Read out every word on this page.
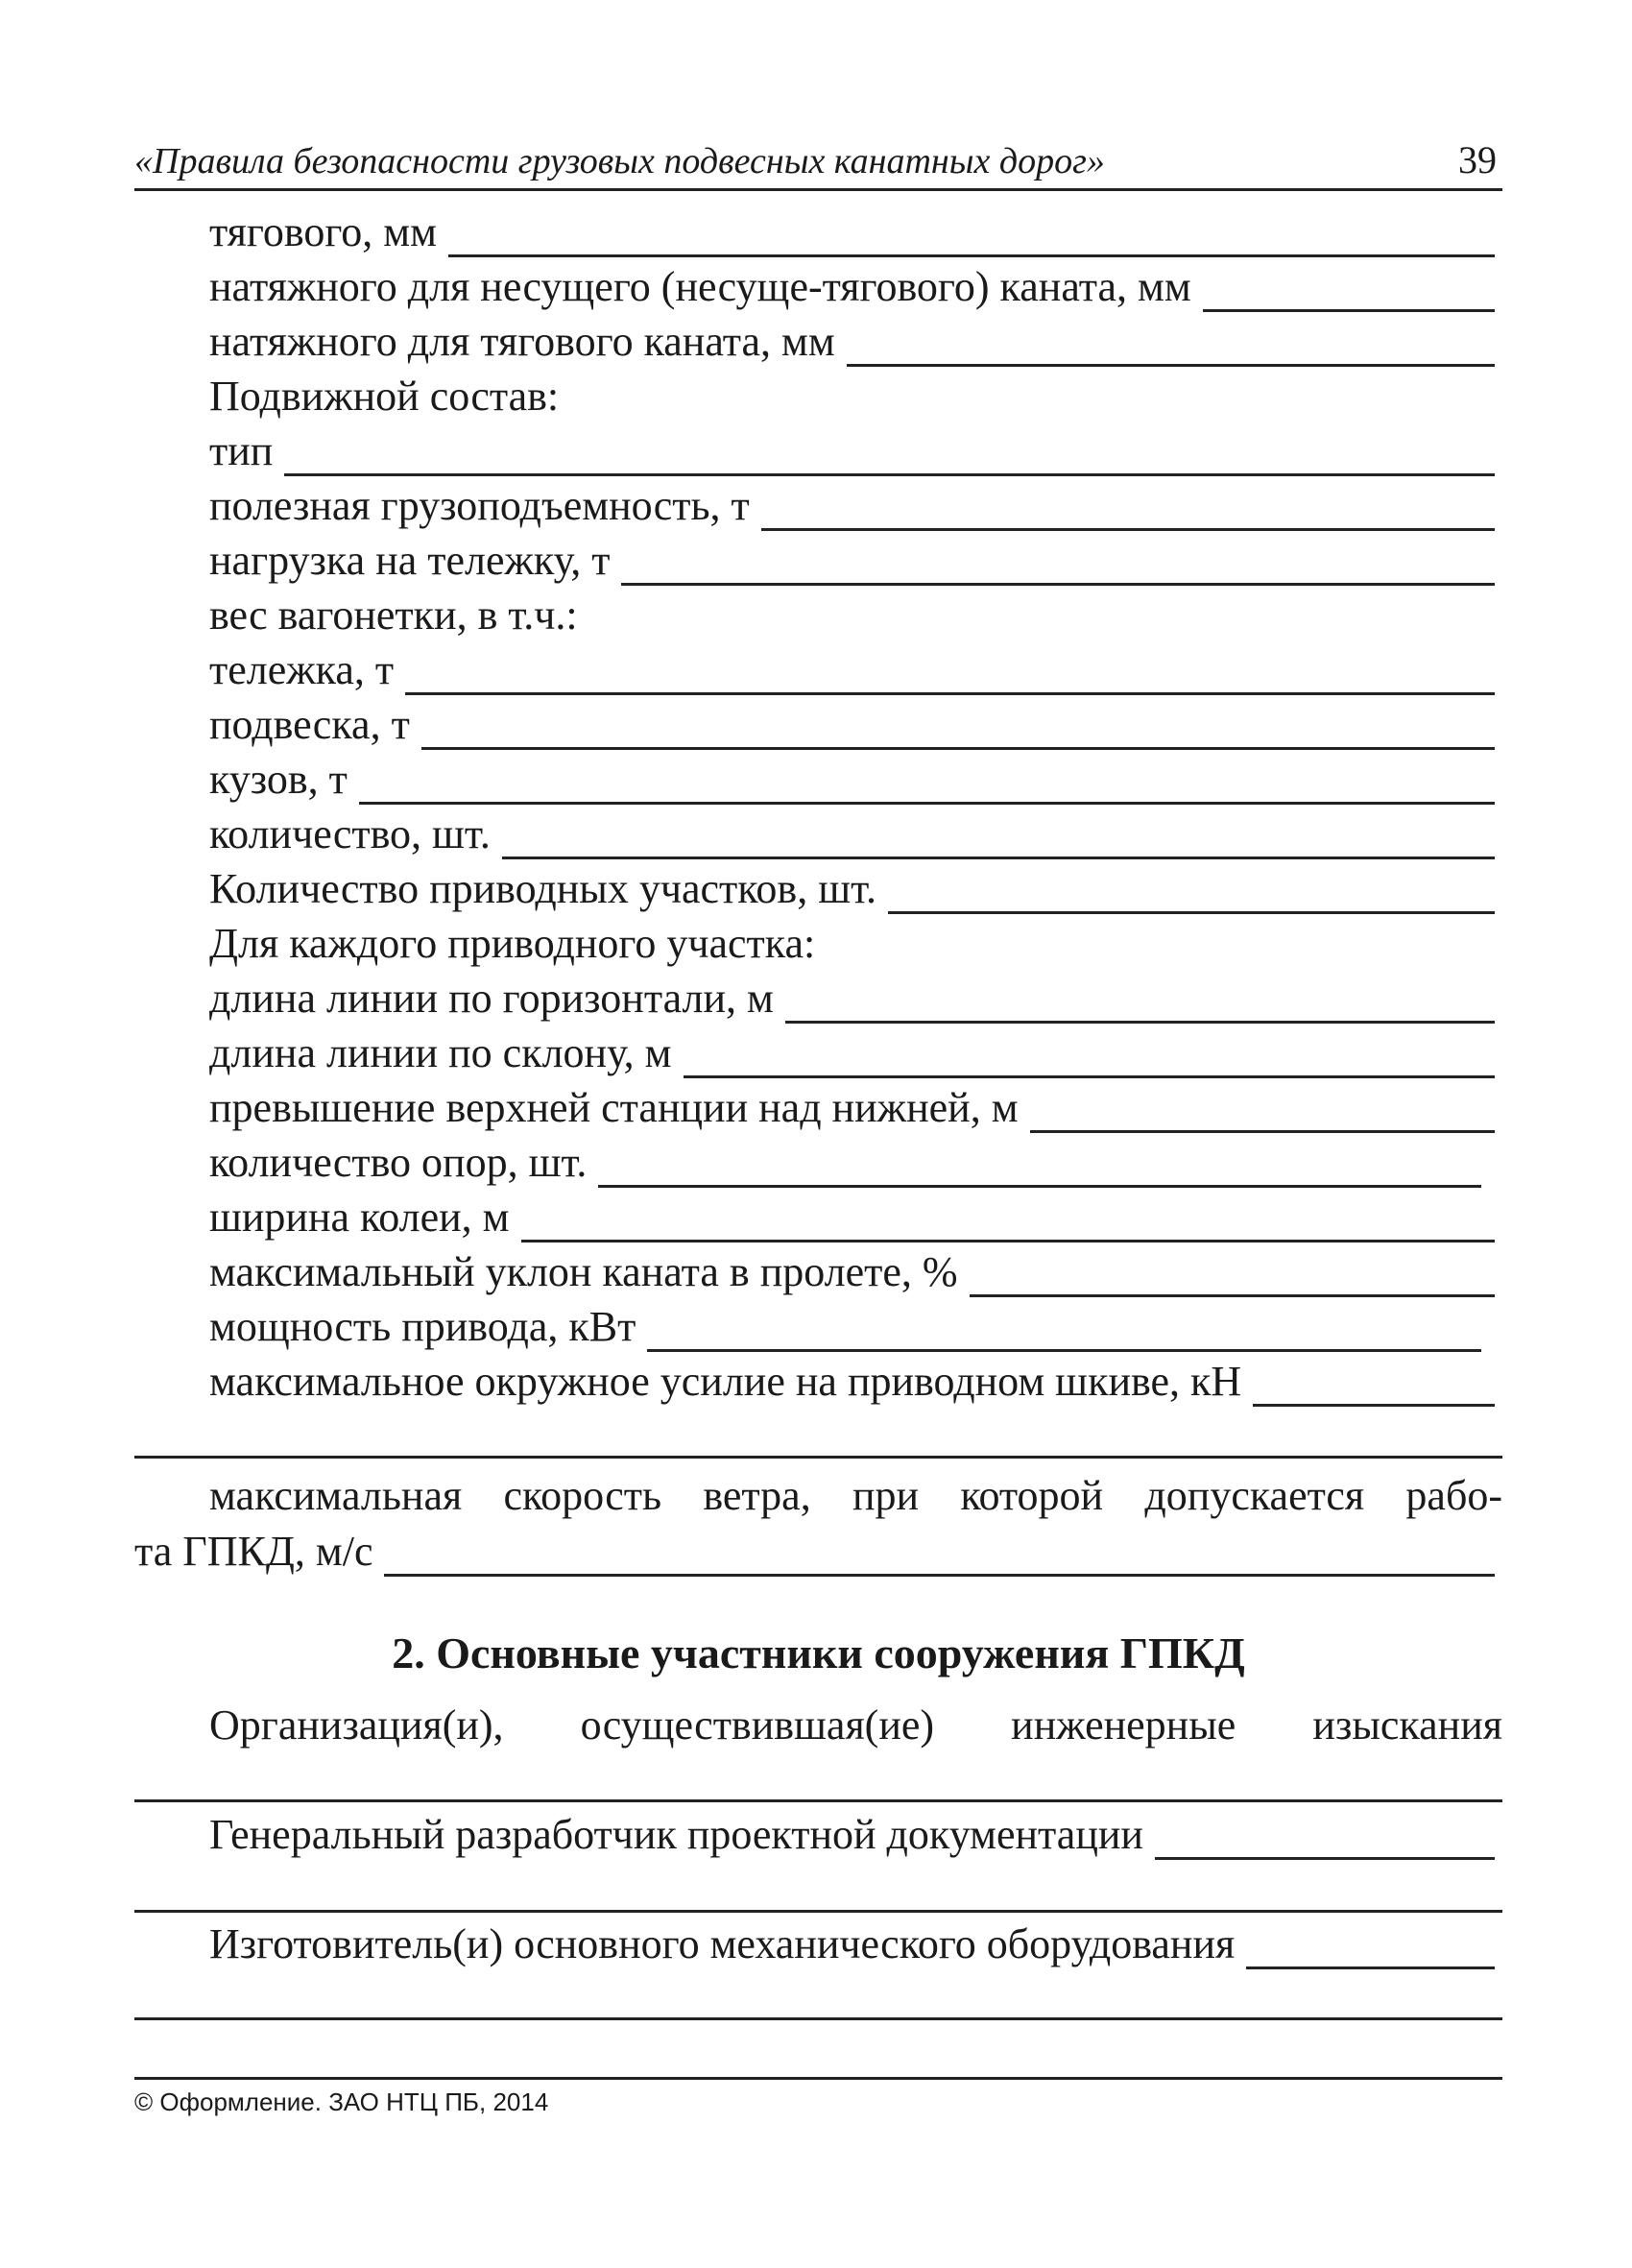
«Правила безопасности грузовых подвесных канатных дорог»	39
тягового, мм
натяжного для несущего (несуще-тягового) каната, мм
натяжного для тягового каната, мм
Подвижной состав:
тип
полезная грузоподъемность, т
нагрузка на тележку, т
вес вагонетки, в т.ч.:
тележка, т
подвеска, т
кузов, т
количество, шт.
Количество приводных участков, шт.
Для каждого приводного участка:
длина линии по горизонтали, м
длина линии по склону, м
превышение верхней станции над нижней, м
количество опор, шт.
ширина колеи, м
максимальный уклон каната в пролете, %
мощность привода, кВт
максимальное окружное усилие на приводном шкиве, кН
максимальная скорость ветра, при которой допускается рабо-
та ГПКД, м/с
2. Основные участники сооружения ГПКД
Организация(и), осуществившая(ие) инженерные изыскания
Генеральный разработчик проектной документации
Изготовитель(и) основного механического оборудования
© Оформление. ЗАО НТЦ ПБ, 2014
